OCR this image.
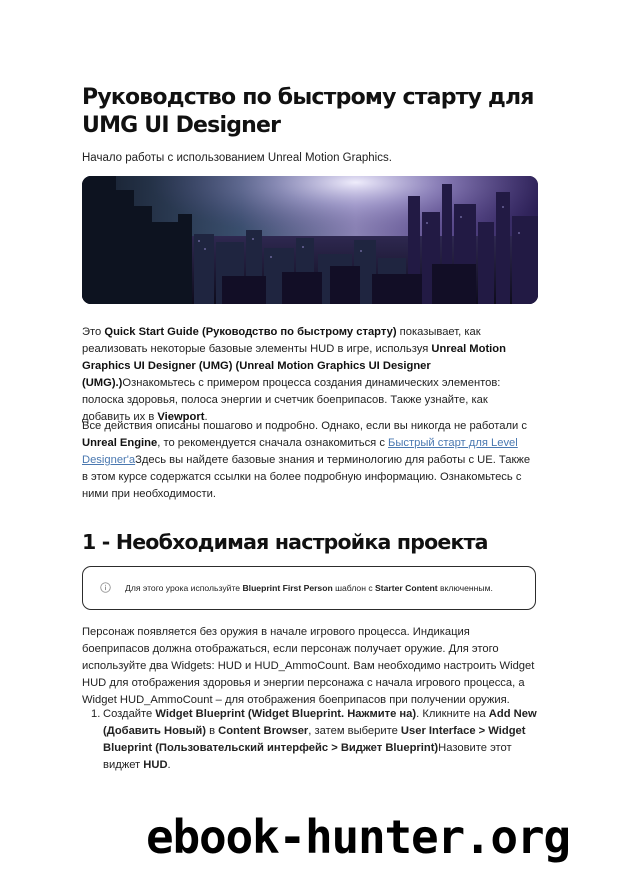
Руководство по быстрому старту для UMG UI Designer

Начало работы с использованием Unreal Motion Graphics.

Это Quick Start Guide (Руководство по быстрому старту) показывает, как реализовать некоторые базовые элементы HUD в игре, используя Unreal Motion Graphics UI Designer (UMG) (Unreal Motion Graphics UI Designer (UMG).)Ознакомьтесь с примером процесса создания динамических элементов: полоска здоровья, полоса энергии и счетчик боеприпасов. Также узнайте, как добавить их в Viewport.

Все действия описаны пошагово и подробно. Однако, если вы никогда не работали с Unreal Engine, то рекомендуется сначала ознакомиться с Быстрый старт для Level Designer'аЗдесь вы найдете базовые знания и терминологию для работы с UE. Также в этом курсе содержатся ссылки на более подробную информацию. Ознакомьтесь с ними при необходимости.

1 - Необходимая настройка проекта
Для этого урока используйте Blueprint First Person шаблон с Starter Content включенным.

Персонаж появляется без оружия в начале игрового процесса. Индикация боеприпасов должна отображаться, если персонаж получает оружие. Для этого используйте два Widgets: HUD и HUD_AmmoCount. Вам необходимо настроить Widget HUD для отображения здоровья и энергии персонажа с начала игрового процесса, а Widget HUD_AmmoCount – для отображения боеприпасов при получении оружия.

1. Создайте Widget Blueprint (Widget Blueprint. Нажмите на). Кликните на Add New (Добавить Новый) в Content Browser, затем выберите User Interface > Widget Blueprint (Пользовательский интерфейс > Виджет Blueprint)Назовите этот виджет HUD.
ebook-hunter.org
